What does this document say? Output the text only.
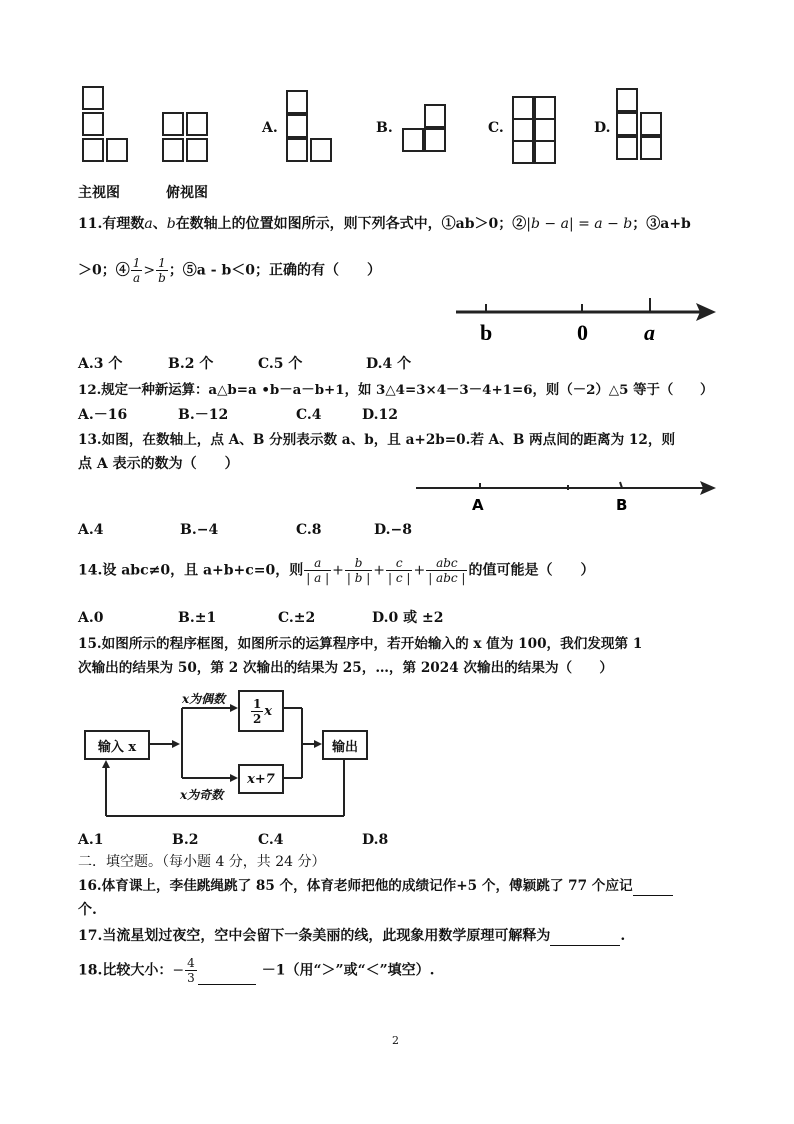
A.	B.	C.	D.
主视图	俯视图
11.有理数a、b在数轴上的位置如图所示，则下列各式中，①ab＞0；②|b − a| = a − b；③a+b
＞0；④ $\frac{1}{a} > \frac{1}{b}$ ；⑤a - b＜0；正确的有（　　）
b	0	a
A.3 个	B.2 个	C.5 个	D.4 个
12.规定一种新运算：a△b=a •b－a－b+1，如 3△4=3×4－3－4+1=6，则（－2）△5 等于（　　）
A.－16	B.－12	C.4	D.12
13.如图，在数轴上，点 A、B 分别表示数 a、b，且 a+2b=0.若 A、B 两点间的距离为 12，则
点 A 表示的数为（　　）
A	B
A.4	B.−4	C.8	D.−8
14.设 abc≠0，且 a+b+c=0，则 $\frac{a}{| a |} + \frac{b}{| b |} + \frac{c}{| c |} + \frac{\text{abc}}{\text{| abc |}}$ 的值可能是（　　）
A.0	B.±1	C.±2	D.0 或 ±2
15.如图所示的程序框图，如图所示的运算程序中，若开始输入的 x 值为 100，我们发现第 1
次输出的结果为 50，第 2 次输出的结果为 25，…，第 2024 次输出的结果为（　　）
输入 x
x为偶数 $\frac{1}{2}$ x
x+7
x为奇数
输出
A.1	B.2	C.4	D.8
二．填空题。（每小题 4 分，共 24 分）
16.体育课上，李佳跳绳跳了 85 个，体育老师把他的成绩记作+5 个，傅颖跳了 77 个应记
个.
17.当流星划过夜空，空中会留下一条美丽的线，此现象用数学原理可解释为	.
18.比较大小：− $\frac{4}{3}$	－1（用“＞”或“＜”填空）.
2
